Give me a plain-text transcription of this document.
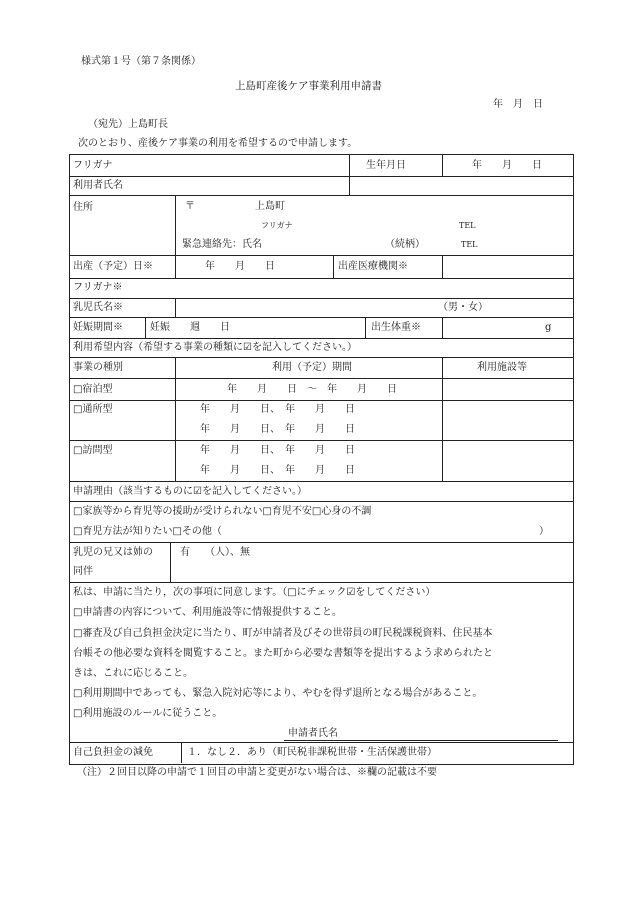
様式第１号（第７条関係）
上島町産後ケア事業利用申請書
年　月　日
（宛先）上島町長
次のとおり、産後ケア事業の利用を希望するので申請します。
フリガナ	生年月日	年　　月　　日
利用者氏名
住所	〒　　　　　　上島町
フリガナ	TEL
緊急連絡先：氏名	（続柄）	TEL
出産（予定）日※	年　　月　　日	出産医療機関※
フリガナ※
乳児氏名※	（男・女）
妊娠期間※	妊娠　　週　　日	出生体重※	g
利用希望内容（希望する事業の種類に☑を記入してください。）
事業の種別	利用（予定）期間	利用施設等
□宿泊型	年　　月　　日　～　年　　月　　日
□通所型	年　　月　　日、　年　　月　　日
年　　月　　日、　年　　月　　日
□訪問型	年　　月　　日、　年　　月　　日
年　　月　　日、　年　　月　　日
申請理由（該当するものに☑を記入してください。）
□家族等から育児等の援助が受けられない□育児不安□心身の不調
□育児方法が知りたい□その他（	）
乳児の兄又は姉の
同伴
有　　（人）、無
私は、申請に当たり，次の事項に同意します。（□にチェック☑をしてください）
□申請書の内容について、利用施設等に情報提供すること。
□審査及び自己負担金決定に当たり、町が申請者及びその世帯員の町民税課税資料、住民基本
台帳その他必要な資料を閲覧すること。また町から必要な書類等を提出するよう求められたと
きは、これに応じること。
□利用期間中であっても、緊急入院対応等により、やむを得ず退所となる場合があること。
□利用施設のルールに従うこと。
申請者氏名
自己負担金の減免	１．なし２．あり（町民税非課税世帯・生活保護世帯）
（注）２回目以降の申請で１回目の申請と変更がない場合は、※欄の記載は不要
